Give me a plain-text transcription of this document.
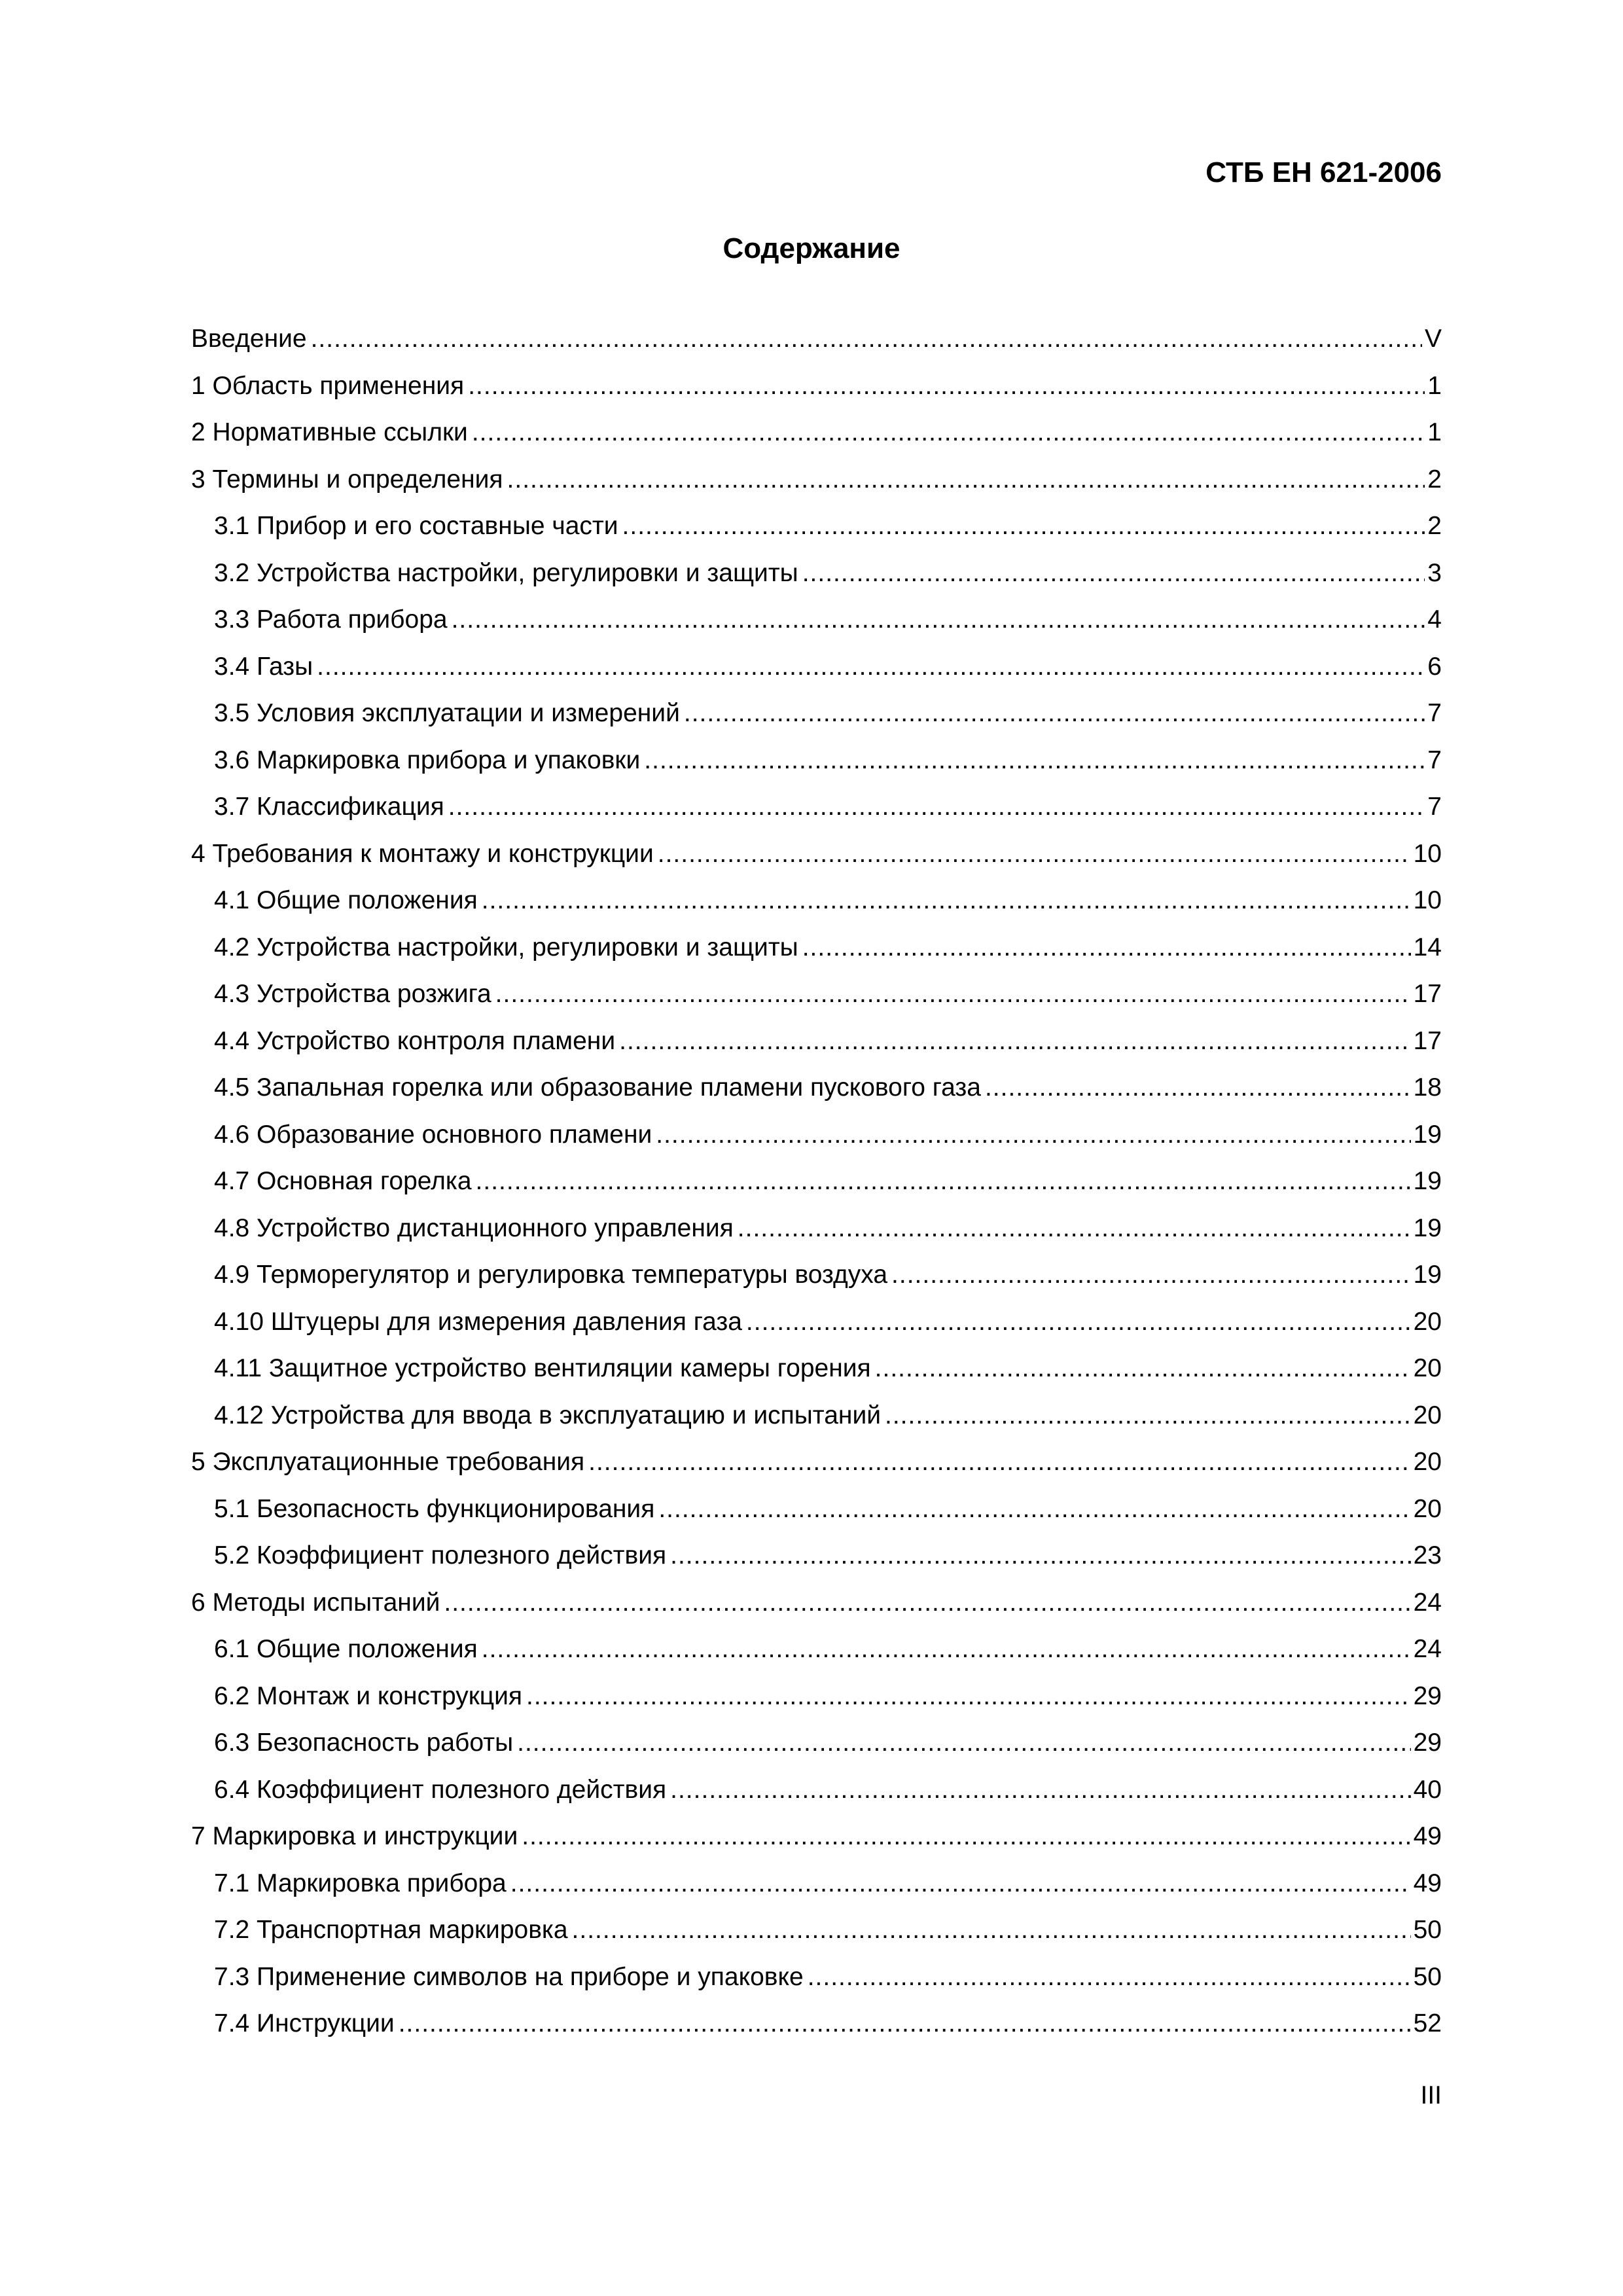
СТБ ЕН 621-2006
Содержание
Введение .....	V
1 Область применения .....	1
2 Нормативные ссылки .....	1
3 Термины и определения .....	2
3.1 Прибор и его составные части .....	2
3.2 Устройства настройки, регулировки и защиты .....	3
3.3 Работа прибора .....	4
3.4 Газы .....	6
3.5 Условия эксплуатации и измерений .....	7
3.6 Маркировка прибора и упаковки .....	7
3.7 Классификация .....	7
4 Требования к монтажу и конструкции .....	10
4.1 Общие положения .....	10
4.2 Устройства настройки, регулировки и защиты .....	14
4.3 Устройства розжига .....	17
4.4 Устройство контроля пламени .....	17
4.5 Запальная горелка или образование пламени пускового газа .....	18
4.6 Образование основного пламени .....	19
4.7 Основная горелка .....	19
4.8 Устройство дистанционного управления .....	19
4.9 Терморегулятор и регулировка температуры воздуха .....	19
4.10 Штуцеры для измерения давления газа .....	20
4.11 Защитное устройство вентиляции камеры горения .....	20
4.12 Устройства для ввода в эксплуатацию и испытаний .....	20
5 Эксплуатационные требования .....	20
5.1 Безопасность функционирования .....	20
5.2 Коэффициент полезного действия .....	23
6 Методы испытаний .....	24
6.1 Общие положения .....	24
6.2 Монтаж и конструкция .....	29
6.3 Безопасность работы .....	29
6.4 Коэффициент полезного действия .....	40
7 Маркировка и инструкции .....	49
7.1 Маркировка прибора .....	49
7.2 Транспортная маркировка .....	50
7.3 Применение символов на приборе и упаковке .....	50
7.4 Инструкции .....	52
III
